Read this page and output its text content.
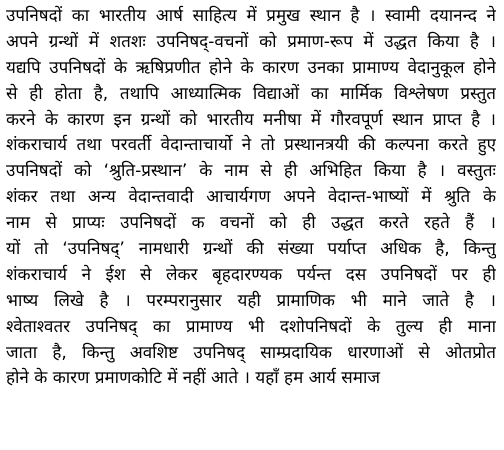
उपनिषदों का भारतीय आर्ष साहित्य में प्रमुख स्थान है । स्वामी दयानन्द ने
अपने ग्रन्थों में शतशः उपनिषद्-वचनों को प्रमाण-रूप में उद्धत किया है ।
यद्यपि उपनिषदों के ऋषिप्रणीत होने के कारण उनका प्रामाण्य वेदानुकूल होने
से ही होता है, तथापि आध्यात्मिक विद्याओं का मार्मिक विश्लेषण प्रस्तुत
करने के कारण इन ग्रन्थों को भारतीय मनीषा में गौरवपूर्ण स्थान प्राप्त है ।
शंकराचार्य तथा परवर्ती वेदान्ताचार्यो ने तो प्रस्थानत्रयी की कल्पना करते हुए
उपनिषदों को ‘श्रुति-प्रस्थान’ के नाम से ही अभिहित किया है । वस्तुतः
शंकर तथा अन्य वेदान्तवादी आचार्यगण अपने वेदान्त-भाष्यों में श्रुति के
नाम से प्राप्यः उपनिषदों क वचनों को ही उद्धत करते रहते हैं ।
यों तो ‘उपनिषद्’ नामधारी ग्रन्थों की संख्या पर्याप्त अधिक है, किन्तु
शंकराचार्य ने ईश से लेकर बृहदारण्यक पर्यन्त दस उपनिषदों पर ही
भाष्य लिखे है । परम्परानुसार यही प्रामाणिक भी माने जाते है ।
श्वेताश्वतर उपनिषद् का प्रामाण्य भी दशोपनिषदों के तुल्य ही माना
जाता है, किन्तु अवशिष्ट उपनिषद् साम्प्रदायिक धारणाओं से ओतप्रोत
होने के कारण प्रमाणकोटि में नहीं आते । यहाँ हम आर्य समाज
